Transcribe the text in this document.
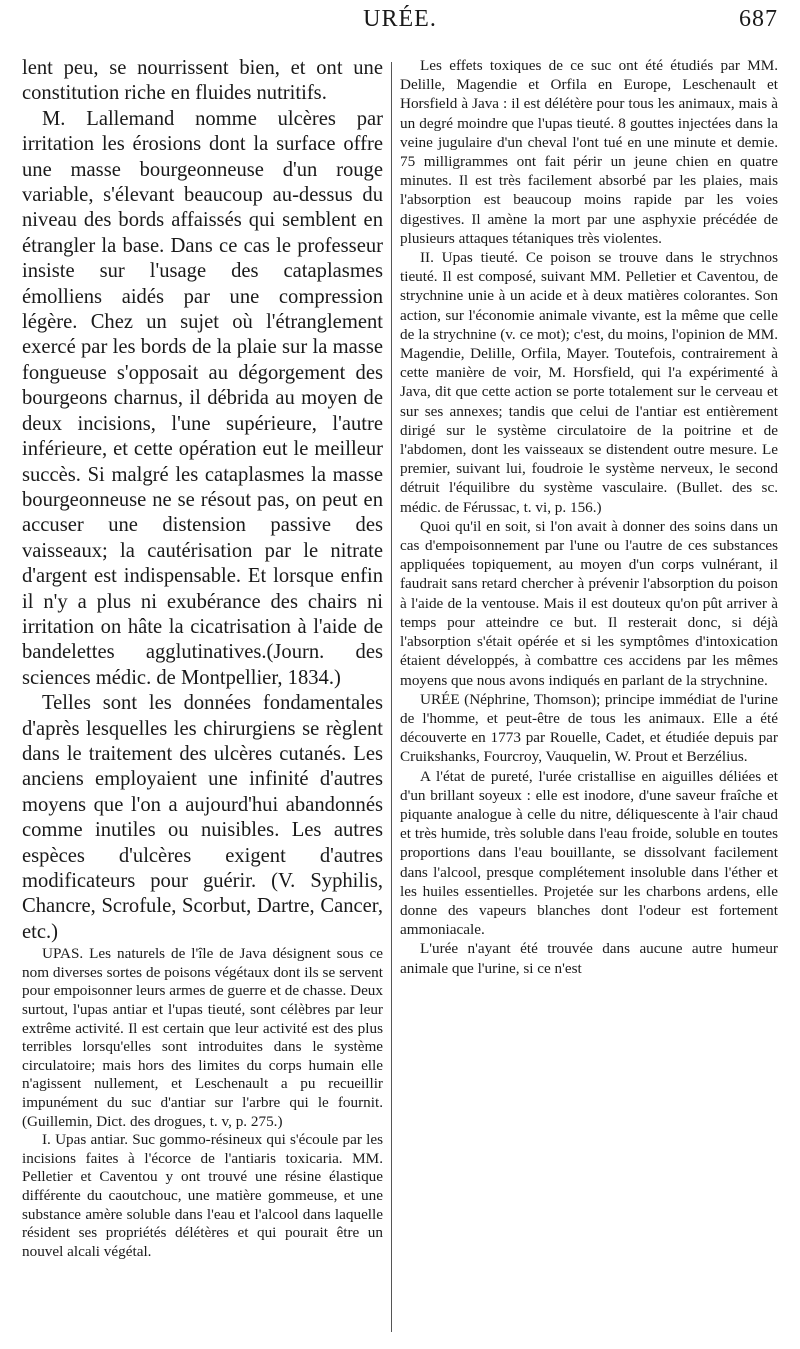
URÉE.	687

lent peu, se nourrissent bien, et ont une constitution riche en fluides nutritifs.

M. Lallemand nomme ulcères par irritation les érosions dont la surface offre une masse bourgeonneuse d'un rouge variable, s'élevant beaucoup au-dessus du niveau des bords affaissés qui semblent en étrangler la base. Dans ce cas le professeur insiste sur l'usage des cataplasmes émolliens aidés par une compression légère. Chez un sujet où l'étranglement exercé par les bords de la plaie sur la masse fongueuse s'opposait au dégorgement des bourgeons charnus, il débrida au moyen de deux incisions, l'une supérieure, l'autre inférieure, et cette opération eut le meilleur succès. Si malgré les cataplasmes la masse bourgeonneuse ne se résout pas, on peut en accuser une distension passive des vaisseaux; la cautérisation par le nitrate d'argent est indispensable. Et lorsque enfin il n'y a plus ni exubérance des chairs ni irritation on hâte la cicatrisation à l'aide de bandelettes agglutinatives.(Journ. des sciences médic. de Montpellier, 1834.)

Telles sont les données fondamentales d'après lesquelles les chirurgiens se règlent dans le traitement des ulcères cutanés. Les anciens employaient une infinité d'autres moyens que l'on a aujourd'hui abandonnés comme inutiles ou nuisibles. Les autres espèces d'ulcères exigent d'autres modificateurs pour guérir. (V. Syphilis, Chancre, Scrofule, Scorbut, Dartre, Cancer, etc.)

UPAS. Les naturels de l'île de Java désignent sous ce nom diverses sortes de poisons végétaux dont ils se servent pour empoisonner leurs armes de guerre et de chasse. Deux surtout, l'upas antiar et l'upas tieuté, sont célèbres par leur extrême activité. Il est certain que leur activité est des plus terribles lorsqu'elles sont introduites dans le système circulatoire; mais hors des limites du corps humain elle n'agissent nullement, et Leschenault a pu recueillir impunément du suc d'antiar sur l'arbre qui le fournit. (Guillemin, Dict. des drogues, t. v, p. 275.)

I. Upas antiar. Suc gommo-résineux qui s'écoule par les incisions faites à l'écorce de l'antiaris toxicaria. MM. Pelletier et Caventou y ont trouvé une résine élastique différente du caoutchouc, une matière gommeuse, et une substance amère soluble dans l'eau et l'alcool dans laquelle résident ses propriétés délétères et qui pourait être un nouvel alcali végétal.

Les effets toxiques de ce suc ont été étudiés par MM. Delille, Magendie et Orfila en Europe, Leschenault et Horsfield à Java : il est délétère pour tous les animaux, mais à un degré moindre que l'upas tieuté. 8 gouttes injectées dans la veine jugulaire d'un cheval l'ont tué en une minute et demie. 75 milligrammes ont fait périr un jeune chien en quatre minutes. Il est très facilement absorbé par les plaies, mais l'absorption est beaucoup moins rapide par les voies digestives. Il amène la mort par une asphyxie précédée de plusieurs attaques tétaniques très violentes.

II. Upas tieuté. Ce poison se trouve dans le strychnos tieuté. Il est composé, suivant MM. Pelletier et Caventou, de strychnine unie à un acide et à deux matières colorantes. Son action, sur l'économie animale vivante, est la même que celle de la strychnine (v. ce mot); c'est, du moins, l'opinion de MM. Magendie, Delille, Orfila, Mayer. Toutefois, contrairement à cette manière de voir, M. Horsfield, qui l'a expérimenté à Java, dit que cette action se porte totalement sur le cerveau et sur ses annexes; tandis que celui de l'antiar est entièrement dirigé sur le système circulatoire de la poitrine et de l'abdomen, dont les vaisseaux se distendent outre mesure. Le premier, suivant lui, foudroie le système nerveux, le second détruit l'équilibre du système vasculaire. (Bullet. des sc. médic. de Férussac, t. vi, p. 156.)

Quoi qu'il en soit, si l'on avait à donner des soins dans un cas d'empoisonnement par l'une ou l'autre de ces substances appliquées topiquement, au moyen d'un corps vulnérant, il faudrait sans retard chercher à prévenir l'absorption du poison à l'aide de la ventouse. Mais il est douteux qu'on pût arriver à temps pour atteindre ce but. Il resterait donc, si déjà l'absorption s'était opérée et si les symptômes d'intoxication étaient développés, à combattre ces accidens par les mêmes moyens que nous avons indiqués en parlant de la strychnine.

URÉE (Néphrine, Thomson); principe immédiat de l'urine de l'homme, et peut-être de tous les animaux. Elle a été découverte en 1773 par Rouelle, Cadet, et étudiée depuis par Cruikshanks, Fourcroy, Vauquelin, W. Prout et Berzélius.

A l'état de pureté, l'urée cristallise en aiguilles déliées et d'un brillant soyeux : elle est inodore, d'une saveur fraîche et piquante analogue à celle du nitre, déliquescente à l'air chaud et très humide, très soluble dans l'eau froide, soluble en toutes proportions dans l'eau bouillante, se dissolvant facilement dans l'alcool, presque complétement insoluble dans l'éther et les huiles essentielles. Projetée sur les charbons ardens, elle donne des vapeurs blanches dont l'odeur est fortement ammoniacale.

L'urée n'ayant été trouvée dans aucune autre humeur animale que l'urine, si ce n'est
